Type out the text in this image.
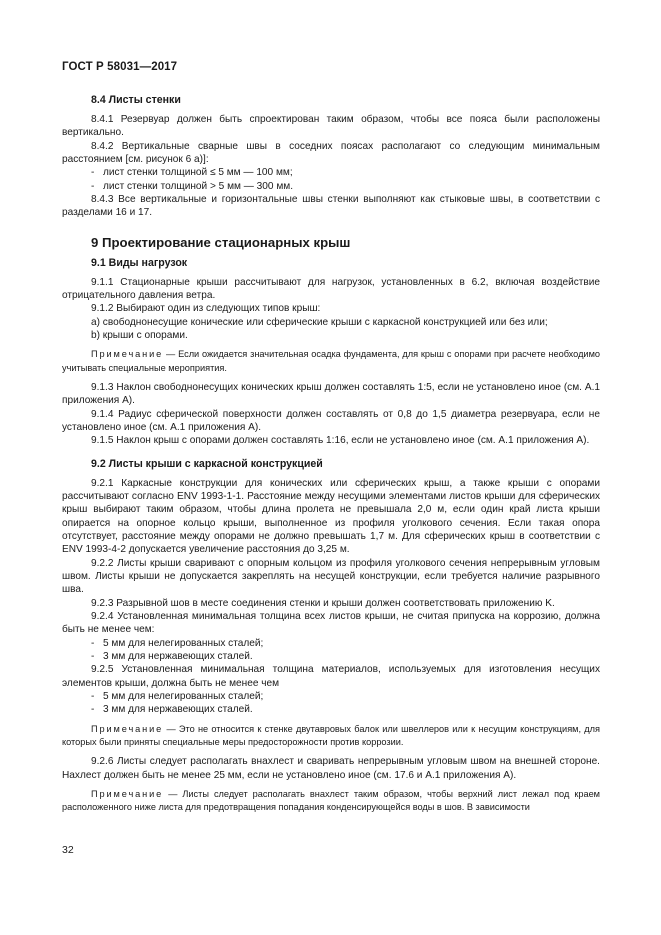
ГОСТ Р 58031—2017

8.4 Листы стенки

8.4.1 Резервуар должен быть спроектирован таким образом, чтобы все пояса были расположены вертикально.

8.4.2 Вертикальные сварные швы в соседних поясах располагают со следующим минимальным расстоянием [см. рисунок 6 а)]:

- лист стенки толщиной ≤ 5 мм — 100 мм;

- лист стенки толщиной > 5 мм — 300 мм.

8.4.3 Все вертикальные и горизонтальные швы стенки выполняют как стыковые швы, в соответствии с разделами 16 и 17.

9 Проектирование стационарных крыш

9.1 Виды нагрузок

9.1.1 Стационарные крыши рассчитывают для нагрузок, установленных в 6.2, включая воздействие отрицательного давления ветра.

9.1.2 Выбирают один из следующих типов крыш:

a) свободнонесущие конические или сферические крыши с каркасной конструкцией или без или;

b) крыши с опорами.

Примечание — Если ожидается значительная осадка фундамента, для крыш с опорами при расчете необходимо учитывать специальные мероприятия.

9.1.3 Наклон свободнонесущих конических крыш должен составлять 1:5, если не установлено иное (см. А.1 приложения А).

9.1.4 Радиус сферической поверхности должен составлять от 0,8 до 1,5 диаметра резервуара, если не установлено иное (см. А.1 приложения А).

9.1.5 Наклон крыш с опорами должен составлять 1:16, если не установлено иное (см. А.1 приложения А).

9.2 Листы крыши с каркасной конструкцией

9.2.1 Каркасные конструкции для конических или сферических крыш, а также крыши с опорами рассчитывают согласно ENV 1993-1-1. Расстояние между несущими элементами листов крыши для сферических крыш выбирают таким образом, чтобы длина пролета не превышала 2,0 м, если один край листа крыши опирается на опорное кольцо крыши, выполненное из профиля уголкового сечения. Если такая опора отсутствует, расстояние между опорами не должно превышать 1,7 м. Для сферических крыш в соответствии с ENV 1993-4-2 допускается увеличение расстояния до 3,25 м.

9.2.2 Листы крыши сваривают с опорным кольцом из профиля уголкового сечения непрерывным угловым швом. Листы крыши не допускается закреплять на несущей конструкции, если требуется наличие разрывного шва.

9.2.3 Разрывной шов в месте соединения стенки и крыши должен соответствовать приложению K.

9.2.4 Установленная минимальная толщина всех листов крыши, не считая припуска на коррозию, должна быть не менее чем:

- 5 мм для нелегированных сталей;

- 3 мм для нержавеющих сталей.

9.2.5 Установленная минимальная толщина материалов, используемых для изготовления несущих элементов крыши, должна быть не менее чем

- 5 мм для нелегированных сталей;

- 3 мм для нержавеющих сталей.

Примечание — Это не относится к стенке двутавровых балок или швеллеров или к несущим конструкциям, для которых были приняты специальные меры предосторожности против коррозии.

9.2.6 Листы следует располагать внахлест и сваривать непрерывным угловым швом на внешней стороне. Нахлест должен быть не менее 25 мм, если не установлено иное (см. 17.6 и А.1 приложения А).

Примечание — Листы следует располагать внахлест таким образом, чтобы верхний лист лежал под краем расположенного ниже листа для предотвращения попадания конденсирующейся воды в шов. В зависимости

32
